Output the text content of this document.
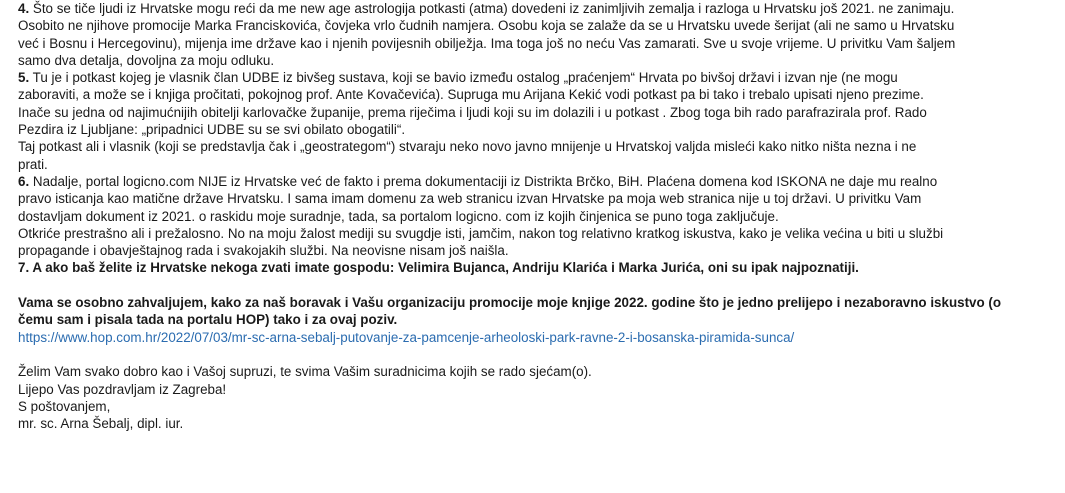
4. Što se tiče ljudi iz Hrvatske mogu reći da me new age astrologija potkasti (atma) dovedeni iz zanimljivih zemalja i razloga u Hrvatsku još 2021. ne zanimaju.
Osobito ne njihove promocije Marka Franciskovića, čovjeka vrlo čudnih namjera. Osobu koja se zalaže da se u Hrvatsku uvede šerijat (ali ne samo u Hrvatsku
već i Bosnu i Hercegovinu), mijenja ime države kao i njenih povijesnih obilježja. Ima toga još no neću Vas zamarati. Sve u svoje vrijeme. U privitku Vam šaljem
samo dva detalja, dovoljna za moju odluku.
5. Tu je i potkast kojeg je vlasnik član UDBE iz bivšeg sustava, koji se bavio između ostalog „praćenjem“ Hrvata po bivšoj državi i izvan nje (ne mogu
zaboraviti, a može se i knjiga pročitati, pokojnog prof. Ante Kovačevića). Supruga mu Arijana Kekić vodi potkast pa bi tako i trebalo upisati njeno prezime.
Inače su jedna od najimućnijih obitelji karlovačke županije, prema riječima i ljudi koji su im dolazili i u potkast . Zbog toga bih rado parafrazirala prof. Rado
Pezdira iz Ljubljane: „pripadnici UDBE su se svi obilato obogatili“.
Taj potkast ali i vlasnik (koji se predstavlja čak i „geostrategom“) stvaraju neko novo javno mnijenje u Hrvatskoj valjda misleći kako nitko ništa nezna i ne
prati.
6. Nadalje, portal logicno.com NIJE iz Hrvatske već de fakto i prema dokumentaciji iz Distrikta Brčko, BiH. Plaćena domena kod ISKONA ne daje mu realno
pravo isticanja kao matične države Hrvatsku. I sama imam domenu za web stranicu izvan Hrvatske pa moja web stranica nije u toj državi. U privitku Vam
dostavljam dokument iz 2021. o raskidu moje suradnje, tada, sa portalom logicno. com iz kojih činjenica se puno toga zaključuje.
Otkriće prestrašno ali i prežalosno. No na moju žalost mediji su svugdje isti, jamčim, nakon tog relativno kratkog iskustva, kako je velika većina u biti u službi
propagande i obavještajnog rada i svakojakih službi. Na neovisne nisam još naišla.
7. A ako baš želite iz Hrvatske nekoga zvati imate gospodu: Velimira Bujanca, Andriju Klarića i Marka Jurića, oni su ipak najpoznatiji.
Vama se osobno zahvaljujem, kako za naš boravak i Vašu organizaciju promocije moje knjige 2022. godine što je jedno prelijepo i nezaboravno iskustvo (o
čemu sam i pisala tada na portalu HOP) tako i za ovaj poziv.
https://www.hop.com.hr/2022/07/03/mr-sc-arna-sebalj-putovanje-za-pamcenje-arheoloski-park-ravne-2-i-bosanska-piramida-sunca/
Želim Vam svako dobro kao i Vašoj supruzi, te svima Vašim suradnicima kojih se rado sjećam(o).
Lijepo Vas pozdravljam iz Zagreba!
S poštovanjem,
mr. sc. Arna Šebalj, dipl. iur.
